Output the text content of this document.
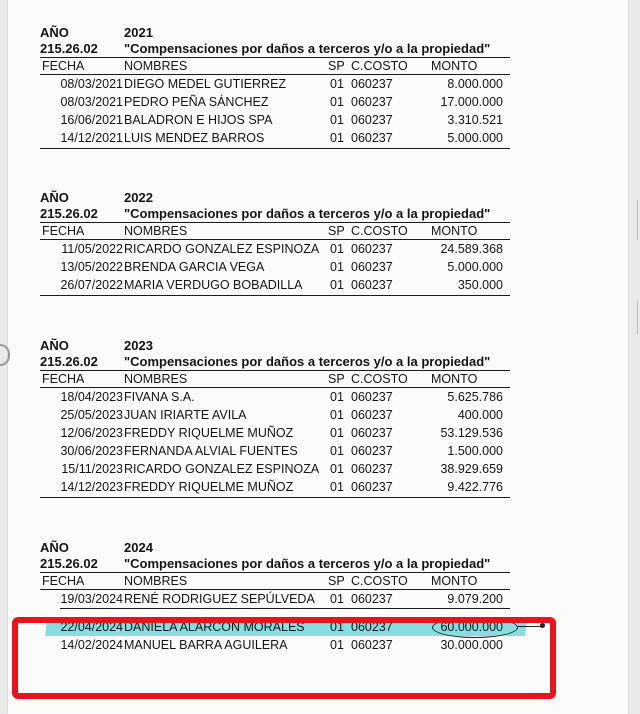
AÑO	2021
215.26.02 "Compensaciones por daños a terceros y/o a la propiedad"
FECHA	NOMBRES	SP C.COSTO MONTO
08/03/2021 DIEGO MEDEL GUTIERREZ	01 060237	8.000.000
08/03/2021 PEDRO PEÑA SÁNCHEZ	01 060237	17.000.000
16/06/2021 BALADRON E HIJOS SPA	01 060237	3.310.521
14/12/2021 LUIS MENDEZ BARROS	01 060237	5.000.000
AÑO	2022
215.26.02 "Compensaciones por daños a terceros y/o a la propiedad"
FECHA	NOMBRES	SP C.COSTO MONTO
11/05/2022 RICARDO GONZALEZ ESPINOZA 01 060237	24.589.368
13/05/2022 BRENDA GARCIA VEGA	01 060237	5.000.000
26/07/2022 MARIA VERDUGO BOBADILLA 01 060237	350.000
AÑO	2023
215.26.02 "Compensaciones por daños a terceros y/o a la propiedad"
FECHA	NOMBRES	SP C.COSTO MONTO
18/04/2023 FIVANA S.A.	01 060237	5.625.786
25/05/2023 JUAN IRIARTE AVILA	01 060237	400.000
12/06/2023 FREDDY RIQUELME MUÑOZ	01 060237	53.129.536
30/06/2023 FERNANDA ALVIAL FUENTES	01 060237	1.500.000
15/11/2023 RICARDO GONZALEZ ESPINOZA 01 060237	38.929.659
14/12/2023 FREDDY RIQUELME MUÑOZ	01 060237	9.422.776
AÑO	2024
215.26.02 "Compensaciones por daños a terceros y/o a la propiedad"
FECHA	NOMBRES	SP C.COSTO MONTO
19/03/2024 RENÉ RODRIGUEZ SEPÚLVEDA 01 060237	9.079.200
22/04/2024 DANIELA ALARCÓN MORALES 01 060237	60.000.000
14/02/2024 MANUEL BARRA AGUILERA	01 060237	30.000.000
